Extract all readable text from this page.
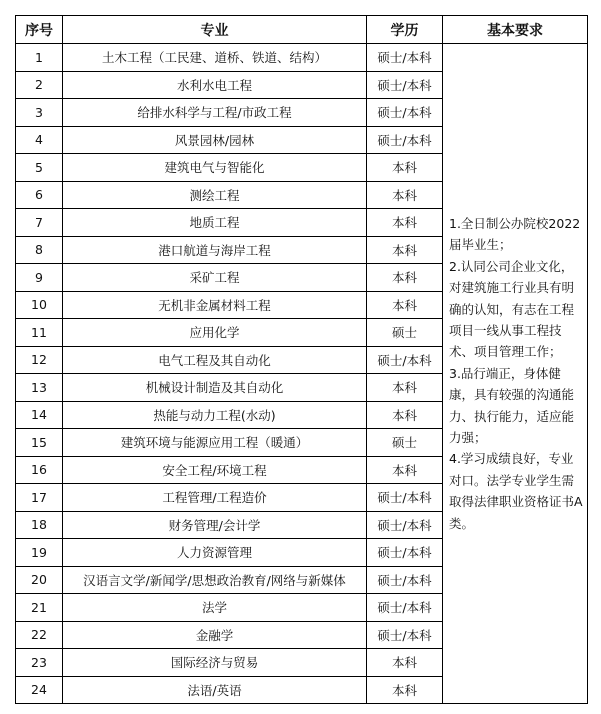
序号	专业	学历	基本要求
1	土木工程（工民建、道桥、铁道、结构）	硕士/本科	1.全日制公办院校2022届毕业生；
2.认同公司企业文化，对建筑施工行业具有明确的认知，有志在工程项目一线从事工程技术、项目管理工作；
3.品行端正，身体健康，具有较强的沟通能力、执行能力，适应能力强；
4.学习成绩良好，专业对口。法学专业学生需取得法律职业资格证书A类。

2	水利水电工程	硕士/本科	
3	给排水科学与工程/市政工程	硕士/本科	
4	风景园林/园林	硕士/本科	
5	建筑电气与智能化	本科	
6	测绘工程	本科	
7	地质工程	本科	
8	港口航道与海岸工程	本科	
9	采矿工程	本科	
10	无机非金属材料工程	本科	
11	应用化学	硕士	
12	电气工程及其自动化	硕士/本科	
13	机械设计制造及其自动化	本科	
14	热能与动力工程(水动)	本科	
15	建筑环境与能源应用工程（暖通）	硕士	
16	安全工程/环境工程	本科	
17	工程管理/工程造价	硕士/本科	
18	财务管理/会计学	硕士/本科	
19	人力资源管理	硕士/本科	
20	汉语言文学/新闻学/思想政治教育/网络与新媒体	硕士/本科	
21	法学	硕士/本科	
22	金融学	硕士/本科	
23	国际经济与贸易	本科	
24	法语/英语	本科	
